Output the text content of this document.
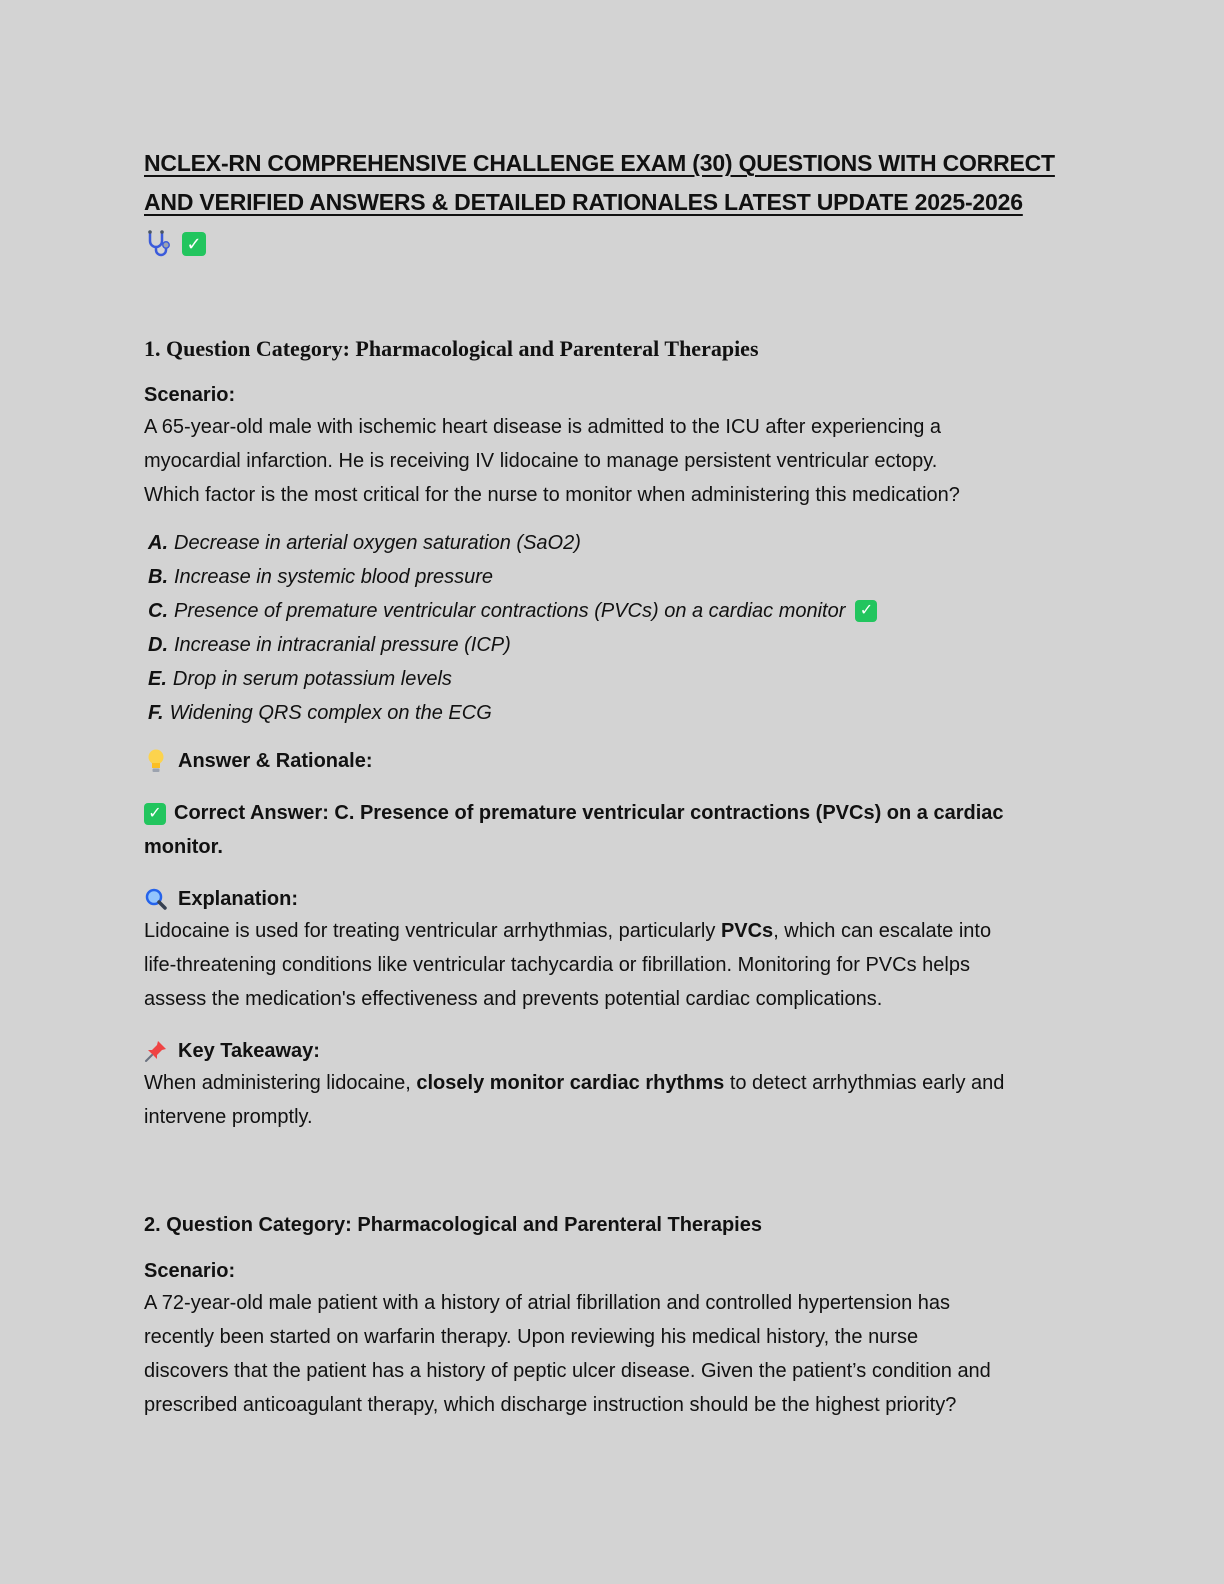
NCLEX-RN COMPREHENSIVE CHALLENGE EXAM (30) QUESTIONS WITH CORRECT
AND VERIFIED ANSWERS & DETAILED RATIONALES LATEST UPDATE 2025-2026
✓
1. Question Category: Pharmacological and Parenteral Therapies

Scenario:

A 65-year-old male with ischemic heart disease is admitted to the ICU after experiencing a
myocardial infarction. He is receiving IV lidocaine to manage persistent ventricular ectopy.
Which factor is the most critical for the nurse to monitor when administering this medication?

A. Decrease in arterial oxygen saturation (SaO2)
B. Increase in systemic blood pressure
C. Presence of premature ventricular contractions (PVCs) on a cardiac monitor ✓
D. Increase in intracranial pressure (ICP)
E. Drop in serum potassium levels
F. Widening QRS complex on the ECG
Answer & Rationale:

✓ Correct Answer: C. Presence of premature ventricular contractions (PVCs) on a cardiac
monitor.

Explanation:

Lidocaine is used for treating ventricular arrhythmias, particularly PVCs, which can escalate into
life-threatening conditions like ventricular tachycardia or fibrillation. Monitoring for PVCs helps
assess the medication's effectiveness and prevents potential cardiac complications.

Key Takeaway:

When administering lidocaine, closely monitor cardiac rhythms to detect arrhythmias early and
intervene promptly.

2. Question Category: Pharmacological and Parenteral Therapies

Scenario:

A 72-year-old male patient with a history of atrial fibrillation and controlled hypertension has
recently been started on warfarin therapy. Upon reviewing his medical history, the nurse
discovers that the patient has a history of peptic ulcer disease. Given the patient’s condition and
prescribed anticoagulant therapy, which discharge instruction should be the highest priority?
